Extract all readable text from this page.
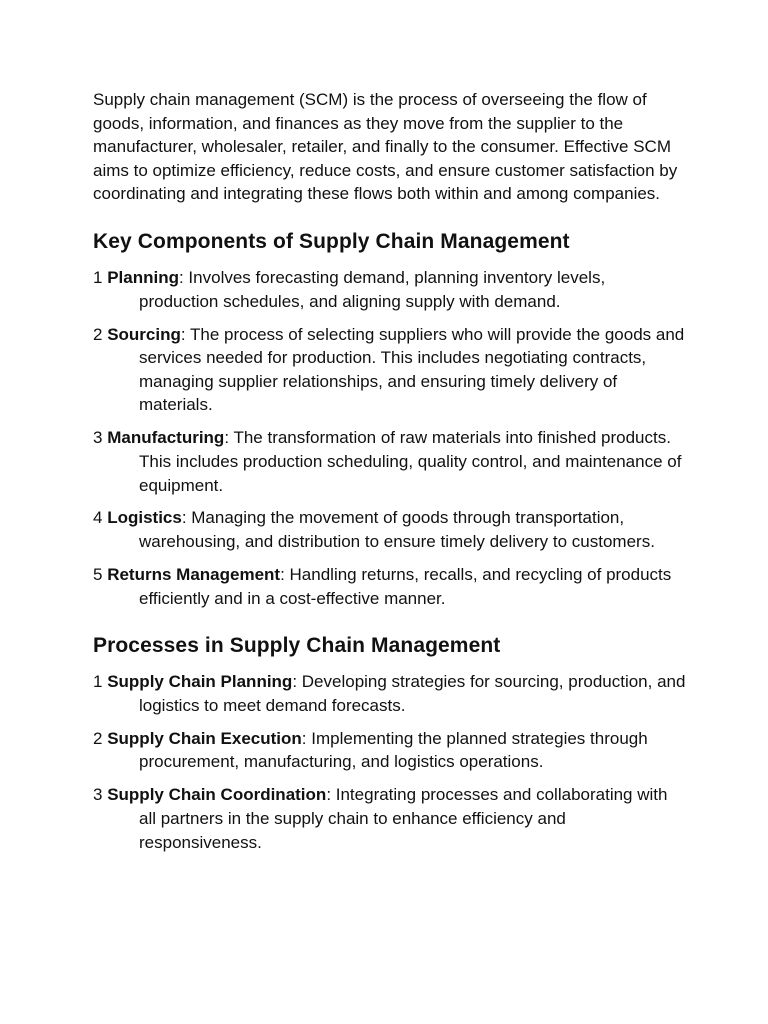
Supply chain management (SCM) is the process of overseeing the flow of goods, information, and finances as they move from the supplier to the manufacturer, wholesaler, retailer, and finally to the consumer. Effective SCM aims to optimize efficiency, reduce costs, and ensure customer satisfaction by coordinating and integrating these flows both within and among companies.

Key Components of Supply Chain Management
1 Planning: Involves forecasting demand, planning inventory levels, production schedules, and aligning supply with demand.
2 Sourcing: The process of selecting suppliers who will provide the goods and services needed for production. This includes negotiating contracts, managing supplier relationships, and ensuring timely delivery of materials.
3 Manufacturing: The transformation of raw materials into finished products. This includes production scheduling, quality control, and maintenance of equipment.
4 Logistics: Managing the movement of goods through transportation, warehousing, and distribution to ensure timely delivery to customers.
5 Returns Management: Handling returns, recalls, and recycling of products efficiently and in a cost-effective manner.
Processes in Supply Chain Management
1 Supply Chain Planning: Developing strategies for sourcing, production, and logistics to meet demand forecasts.
2 Supply Chain Execution: Implementing the planned strategies through procurement, manufacturing, and logistics operations.
3 Supply Chain Coordination: Integrating processes and collaborating with all partners in the supply chain to enhance efficiency and responsiveness.
